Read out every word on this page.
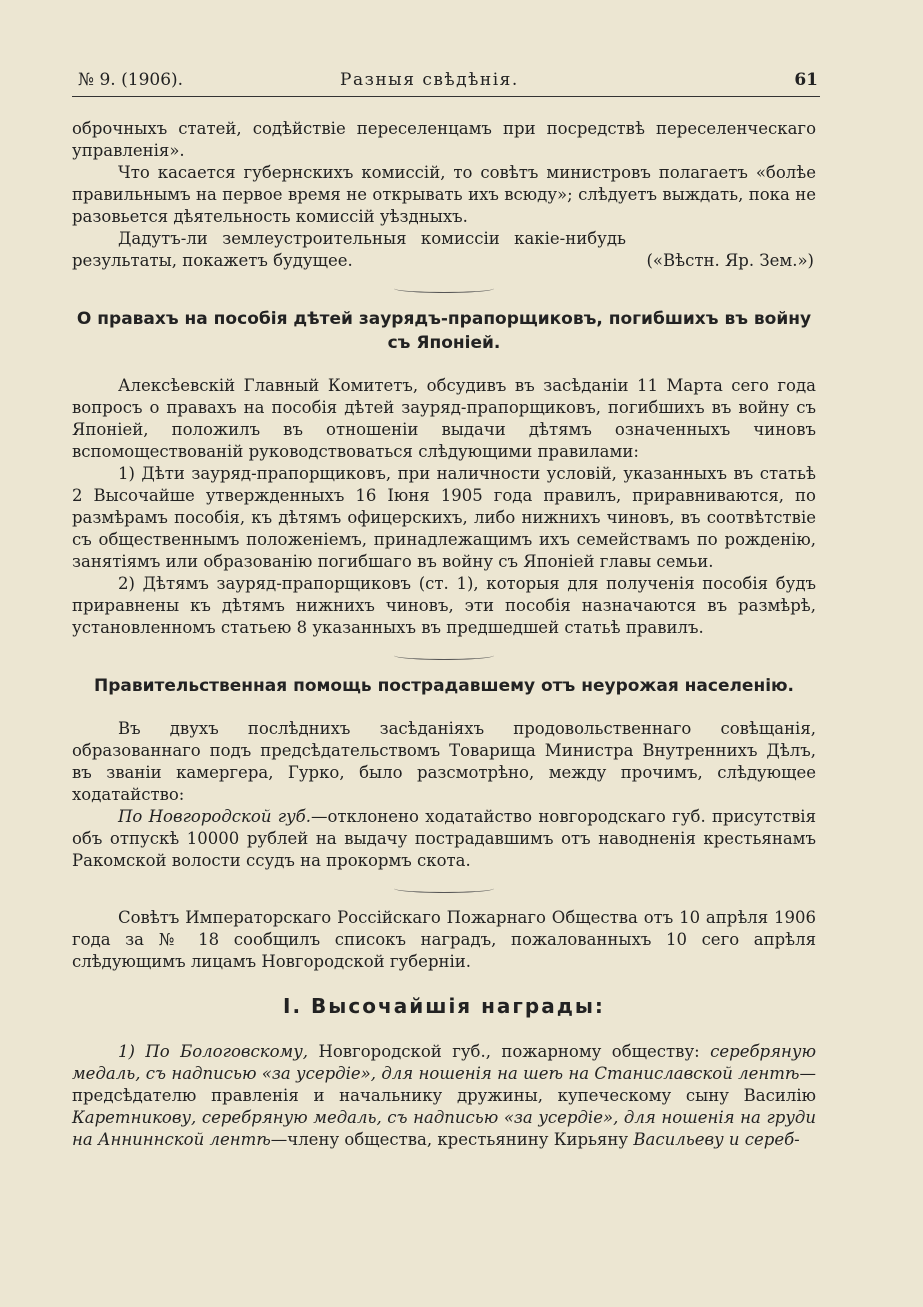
№ 9. (1906).	Разныя свѣдѣнія.	61

оброчныхъ статей, содѣйствіе переселенцамъ при посредствѣ переселенческаго управленія».

Что касается губернскихъ комиссій, то совѣтъ министровъ полагаетъ «болѣе правильнымъ на первое время не открывать ихъ всюду»; слѣдуетъ выждать, пока не разовьется дѣятельность комиссій уѣздныхъ.

Дадутъ-ли землеустроительныя комиссіи какіе-нибудь результаты, покажетъ будущее.	(«Вѣстн. Яр. Зем.»)

О правахъ на пособія дѣтей заурядъ-прапорщиковъ, погибшихъ въ войну съ Японіей.

Алексѣевскій Главный Комитетъ, обсудивъ въ засѣданіи 11 Марта сего года вопросъ о правахъ на пособія дѣтей зауряд-прапорщиковъ, погибшихъ въ войну съ Японіей, положилъ въ отношеніи выдачи дѣтямъ означенныхъ чиновъ вспомоществованій руководствоваться слѣдующими правилами:

1) Дѣти зауряд-прапорщиковъ, при наличности условій, указанныхъ въ статьѣ 2 Высочайше утвержденныхъ 16 Іюня 1905 года правилъ, приравниваются, по размѣрамъ пособія, къ дѣтямъ офицерскихъ, либо нижнихъ чиновъ, въ соотвѣтствіе съ общественнымъ положеніемъ, принадлежащимъ ихъ семействамъ по рожденію, занятіямъ или образованію погибшаго въ войну съ Японіей главы семьи.

2) Дѣтямъ зауряд-прапорщиковъ (ст. 1), которыя для полученія пособія будъ приравнены къ дѣтямъ нижнихъ чиновъ, эти пособія назначаются въ размѣрѣ, установленномъ статьею 8 указанныхъ въ предшедшей статьѣ правилъ.

Правительственная помощь пострадавшему отъ неурожая населенію.

Въ двухъ послѣднихъ засѣданіяхъ продовольственнаго совѣщанія, образованнаго подъ предсѣдательствомъ Товарища Министра Внутреннихъ Дѣлъ, въ званіи камергера, Гурко, было разсмотрѣно, между прочимъ, слѣдующее ходатайство:

По Новгородской губ.—отклонено ходатайство новгородскаго губ. присутствія объ отпускѣ 10000 рублей на выдачу пострадавшимъ отъ наводненія крестьянамъ Ракомской волости ссудъ на прокормъ скота.

Совѣтъ Императорскаго Россійскаго Пожарнаго Общества отъ 10 апрѣля 1906 года за № 18 сообщилъ списокъ наградъ, пожалованныхъ 10 сего апрѣля слѣдующимъ лицамъ Новгородской губерніи.

I. Высочайшія награды:

1) По Бологовскому, Новгородской губ., пожарному обществу: серебряную медаль, съ надписью «за усердіе», для ношенія на шеѣ на Станиславской лентѣ—предсѣдателю правленія и начальнику дружины, купеческому сыну Василію Каретникову, серебряную медаль, съ надписью «за усердіе», для ношенія на груди на Анниннской лентѣ—члену общества, крестьянину Кирьяну Васильеву и сереб-
